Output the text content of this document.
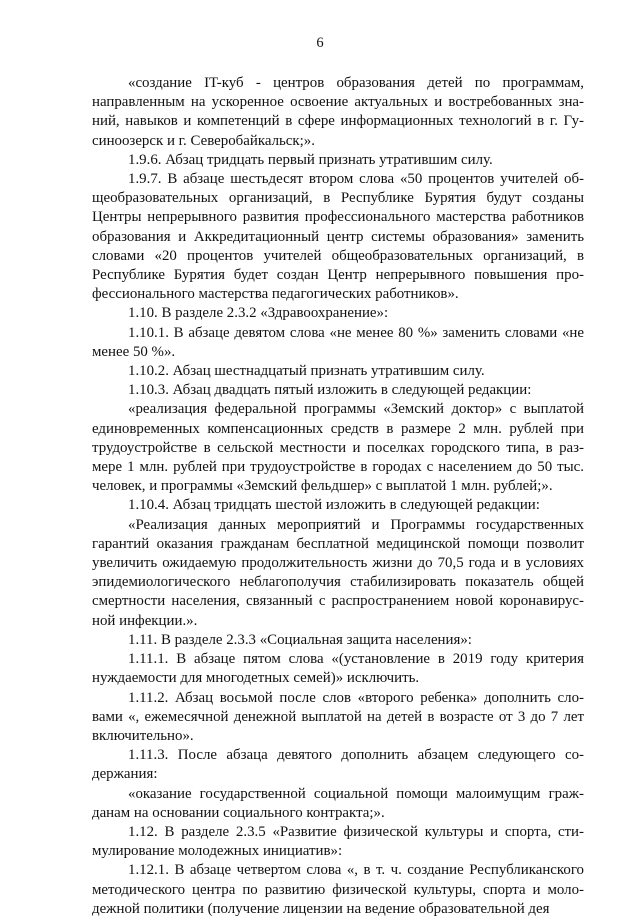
6

«создание IT-куб - центров образования детей по программам, направленным на ускоренное освоение актуальных и востребованных знаний, навыков и компетенций в сфере информационных технологий в г. Гусиноозерск и г. Северобайкальск;».

1.9.6. Абзац тридцать первый признать утратившим силу.

1.9.7. В абзаце шестьдесят втором слова «50 процентов учителей общеобразовательных организаций, в Республике Бурятия будут созданы Центры непрерывного развития профессионального мастерства работников образования и Аккредитационный центр системы образования» заменить словами «20 процентов учителей общеобразовательных организаций, в Республике Бурятия будет создан Центр непрерывного повышения профессионального мастерства педагогических работников».

1.10. В разделе 2.3.2 «Здравоохранение»:

1.10.1. В абзаце девятом слова «не менее 80 %» заменить словами «не менее 50 %».

1.10.2. Абзац шестнадцатый признать утратившим силу.

1.10.3. Абзац двадцать пятый изложить в следующей редакции:

«реализация федеральной программы «Земский доктор» с выплатой единовременных компенсационных средств в размере 2 млн. рублей при трудоустройстве в сельской местности и поселках городского типа, в размере 1 млн. рублей при трудоустройстве в городах с населением до 50 тыс. человек, и программы «Земский фельдшер» с выплатой 1 млн. рублей;».

1.10.4. Абзац тридцать шестой изложить в следующей редакции:

«Реализация данных мероприятий и Программы государственных гарантий оказания гражданам бесплатной медицинской помощи позволит увеличить ожидаемую продолжительность жизни до 70,5 года и в условиях эпидемиологического неблагополучия стабилизировать показатель общей смертности населения, связанный с распространением новой коронавирусной инфекции.».

1.11. В разделе 2.3.3 «Социальная защита населения»:

1.11.1. В абзаце пятом слова «(установление в 2019 году критерия нуждаемости для многодетных семей)» исключить.

1.11.2. Абзац восьмой после слов «второго ребенка» дополнить словами «, ежемесячной денежной выплатой на детей в возрасте от 3 до 7 лет включительно».

1.11.3. После абзаца девятого дополнить абзацем следующего содержания:

«оказание государственной социальной помощи малоимущим гражданам на основании социального контракта;».

1.12. В разделе 2.3.5 «Развитие физической культуры и спорта, стимулирование молодежных инициатив»:

1.12.1. В абзаце четвертом слова «, в т. ч. создание Республиканского методического центра по развитию физической культуры, спорта и молодежной политики (получение лицензии на ведение образовательной дея
